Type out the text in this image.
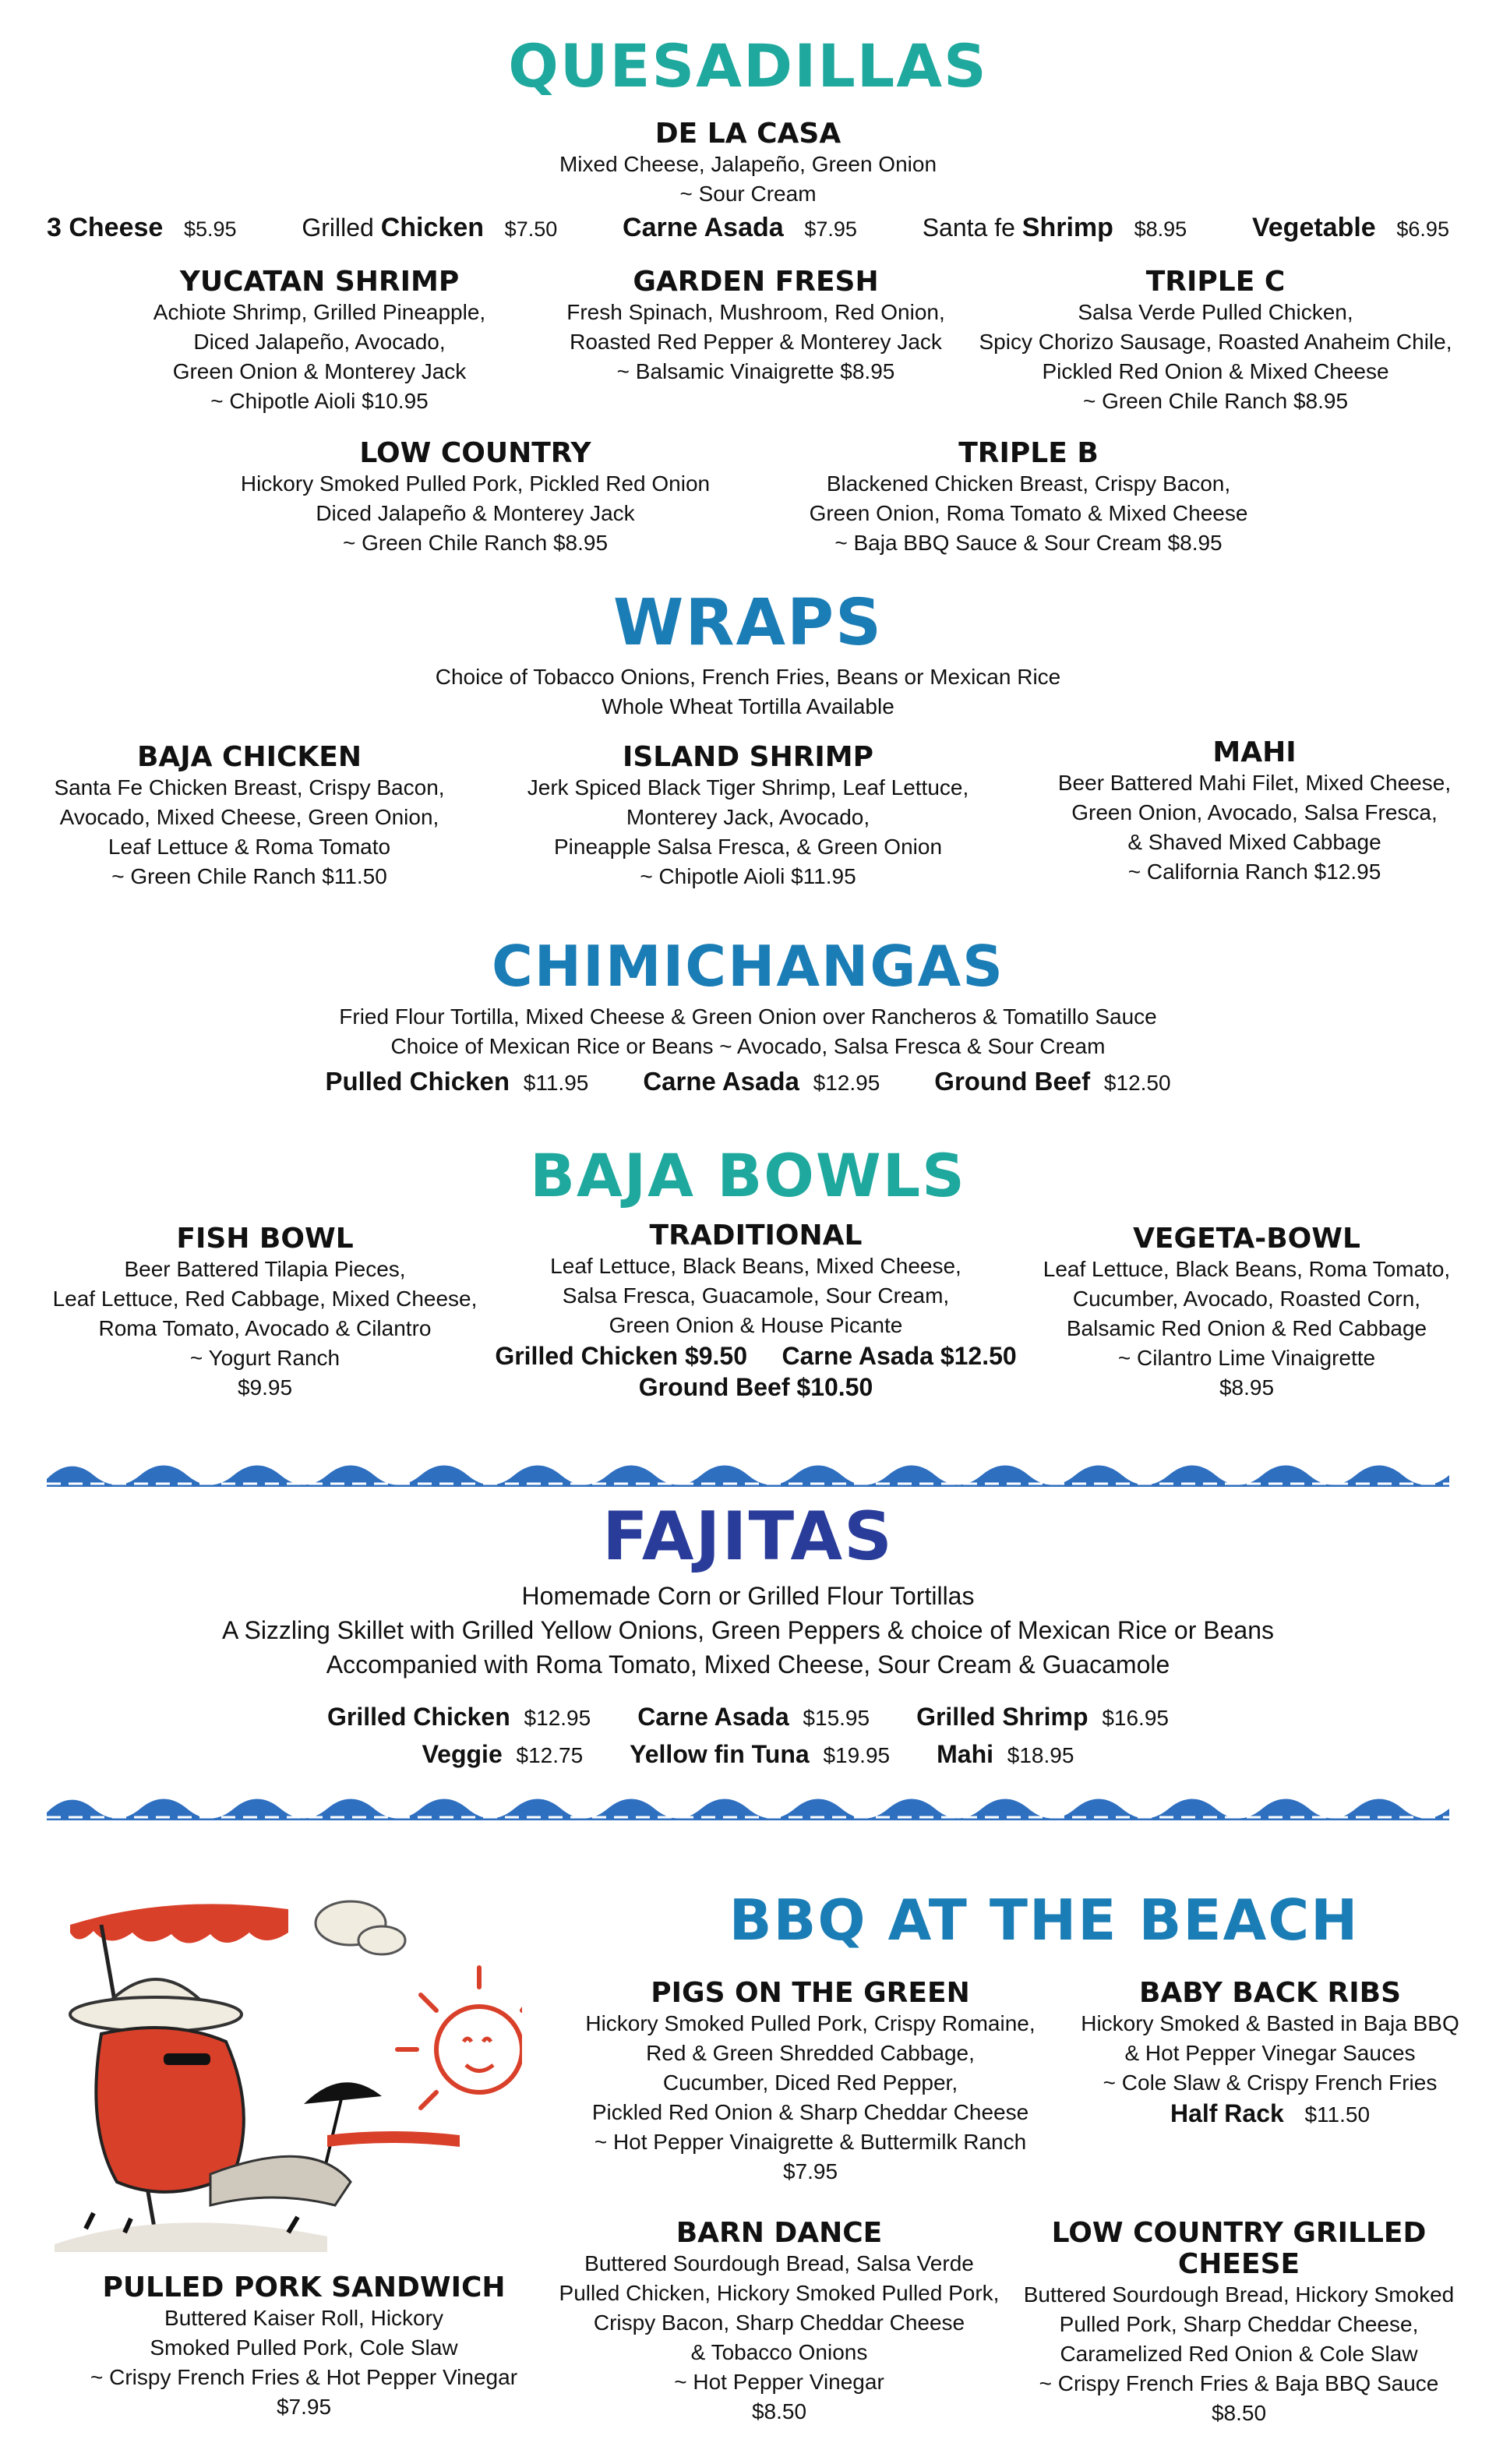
QUESADILLAS
DE LA CASA
Mixed Cheese, Jalapeño, Green Onion
~ Sour Cream
3 Cheese $5.95	Grilled Chicken $7.50 Carne Asada $7.95	Santa fe Shrimp $8.95 Vegetable $6.95
YUCATAN SHRIMP
Achiote Shrimp, Grilled Pineapple,
Diced Jalapeño, Avocado,
Green Onion & Monterey Jack
~ Chipotle Aioli $10.95
GARDEN FRESH
Fresh Spinach, Mushroom, Red Onion,
Roasted Red Pepper & Monterey Jack
~ Balsamic Vinaigrette $8.95
TRIPLE C
Salsa Verde Pulled Chicken,
Spicy Chorizo Sausage, Roasted Anaheim Chile,
Pickled Red Onion & Mixed Cheese
~ Green Chile Ranch $8.95
LOW COUNTRY
Hickory Smoked Pulled Pork, Pickled Red Onion
Diced Jalapeño & Monterey Jack
~ Green Chile Ranch $8.95
TRIPLE B
Blackened Chicken Breast, Crispy Bacon,
Green Onion, Roma Tomato & Mixed Cheese
~ Baja BBQ Sauce & Sour Cream $8.95
WRAPS
Choice of Tobacco Onions, French Fries, Beans or Mexican Rice
Whole Wheat Tortilla Available
BAJA CHICKEN
Santa Fe Chicken Breast, Crispy Bacon,
Avocado, Mixed Cheese, Green Onion,
Leaf Lettuce & Roma Tomato
~ Green Chile Ranch $11.50
ISLAND SHRIMP
Jerk Spiced Black Tiger Shrimp, Leaf Lettuce,
Monterey Jack, Avocado,
Pineapple Salsa Fresca, & Green Onion
~ Chipotle Aioli $11.95
MAHI
Beer Battered Mahi Filet, Mixed Cheese,
Green Onion, Avocado, Salsa Fresca,
& Shaved Mixed Cabbage
~ California Ranch $12.95
CHIMICHANGAS
Fried Flour Tortilla, Mixed Cheese & Green Onion over Rancheros & Tomatillo Sauce
Choice of Mexican Rice or Beans ~ Avocado, Salsa Fresca & Sour Cream
Pulled Chicken $11.95 Carne Asada $12.95 Ground Beef $12.50
BAJA BOWLS
FISH BOWL
Beer Battered Tilapia Pieces,
Leaf Lettuce, Red Cabbage, Mixed Cheese,
Roma Tomato, Avocado & Cilantro
~ Yogurt Ranch
$9.95
TRADITIONAL
Leaf Lettuce, Black Beans, Mixed Cheese,
Salsa Fresca, Guacamole, Sour Cream,
Green Onion & House Picante
Grilled Chicken $9.50 Carne Asada $12.50
Ground Beef $10.50
VEGETA-BOWL
Leaf Lettuce, Black Beans, Roma Tomato,
Cucumber, Avocado, Roasted Corn,
Balsamic Red Onion & Red Cabbage
~ Cilantro Lime Vinaigrette
$8.95
FAJITAS
Homemade Corn or Grilled Flour Tortillas
A Sizzling Skillet with Grilled Yellow Onions, Green Peppers & choice of Mexican Rice or Beans
Accompanied with Roma Tomato, Mixed Cheese, Sour Cream & Guacamole
Grilled Chicken $12.95 Carne Asada $15.95 Grilled Shrimp $16.95
Veggie $12.75 Yellow fin Tuna $19.95 Mahi $18.95
BBQ AT THE BEACH
PIGS ON THE GREEN
Hickory Smoked Pulled Pork, Crispy Romaine,
Red & Green Shredded Cabbage,
Cucumber, Diced Red Pepper,
Pickled Red Onion & Sharp Cheddar Cheese
~ Hot Pepper Vinaigrette & Buttermilk Ranch
$7.95
BABY BACK RIBS
Hickory Smoked & Basted in Baja BBQ
& Hot Pepper Vinegar Sauces
~ Cole Slaw & Crispy French Fries
Half Rack $11.50
PULLED PORK SANDWICH
Buttered Kaiser Roll, Hickory
Smoked Pulled Pork, Cole Slaw
~ Crispy French Fries & Hot Pepper Vinegar
$7.95
BARN DANCE
Buttered Sourdough Bread, Salsa Verde
Pulled Chicken, Hickory Smoked Pulled Pork,
Crispy Bacon, Sharp Cheddar Cheese
& Tobacco Onions
~ Hot Pepper Vinegar
$8.50
LOW COUNTRY GRILLED CHEESE
Buttered Sourdough Bread, Hickory Smoked
Pulled Pork, Sharp Cheddar Cheese,
Caramelized Red Onion & Cole Slaw
~ Crispy French Fries & Baja BBQ Sauce
$8.50
